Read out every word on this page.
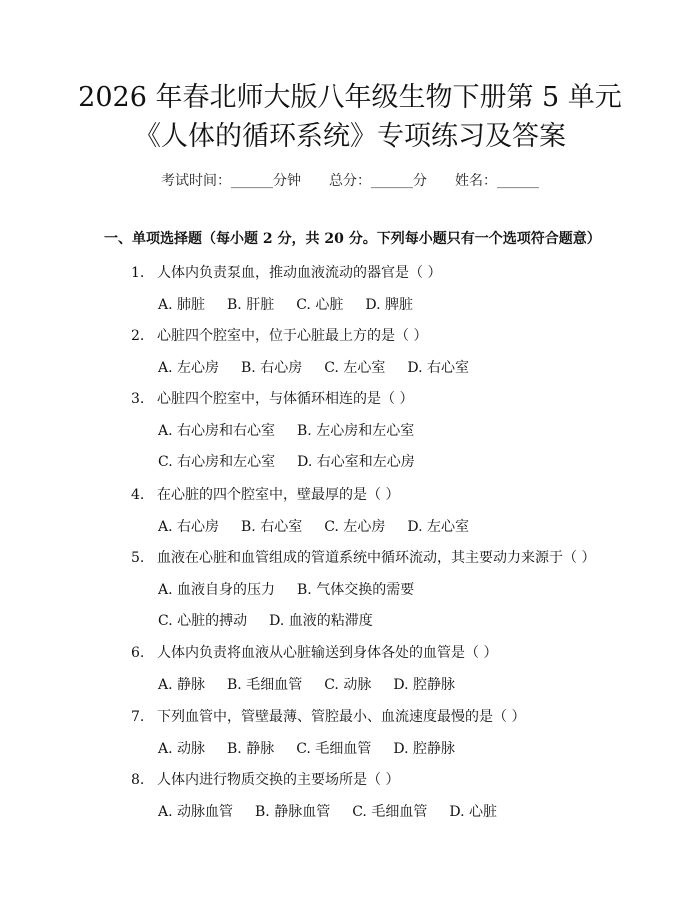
2026 年春北师大版八年级生物下册第 5 单元
《人体的循环系统》专项练习及答案
考试时间：______分钟 总分：______分 姓名：______
一、单项选择题（每小题 2 分，共 20 分。下列每小题只有一个选项符合题意）
1. 人体内负责泵血，推动血液流动的器官是（ ）
A. 肺脏 B. 肝脏 C. 心脏 D. 脾脏
2. 心脏四个腔室中，位于心脏最上方的是（ ）
A. 左心房 B. 右心房 C. 左心室 D. 右心室
3. 心脏四个腔室中，与体循环相连的是（ ）
A. 右心房和右心室 B. 左心房和左心室
C. 右心房和左心室 D. 右心室和左心房
4. 在心脏的四个腔室中，壁最厚的是（ ）
A. 右心房 B. 右心室 C. 左心房 D. 左心室
5. 血液在心脏和血管组成的管道系统中循环流动，其主要动力来源于（ ）
A. 血液自身的压力 B. 气体交换的需要
C. 心脏的搏动 D. 血液的粘滞度
6. 人体内负责将血液从心脏输送到身体各处的血管是（ ）
A. 静脉 B. 毛细血管 C. 动脉 D. 腔静脉
7. 下列血管中，管壁最薄、管腔最小、血流速度最慢的是（ ）
A. 动脉 B. 静脉 C. 毛细血管 D. 腔静脉
8. 人体内进行物质交换的主要场所是（ ）
A. 动脉血管 B. 静脉血管 C. 毛细血管 D. 心脏
